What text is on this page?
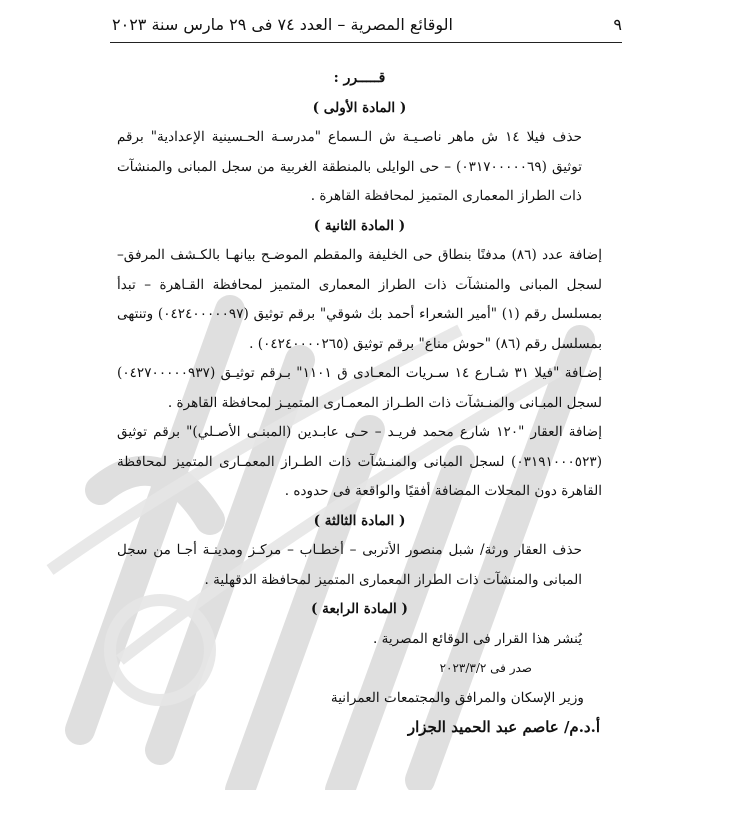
٩
الوقائع المصرية – العدد ٧٤ فى ٢٩ مارس سنة ٢٠٢٣

قـــــرر :

( المادة الأولى )

حذف فيلا ١٤ ش ماهر ناصـيـة ش الـسماع "مدرسـة الحـسينية الإعدادية" برقم توثيق (٠٣١٧٠٠٠٠٠٦٩) – حى الوايلى بالمنطقة الغربية من سجل المبانى والمنشآت ذات الطراز المعمارى المتميز لمحافظة القاهرة .

( المادة الثانية )

إضافة عدد (٨٦) مدفنًا بنطاق حى الخليفة والمقطم الموضـح بيانهـا بالكـشف المرفق– لسجل المبانى والمنشآت ذات الطراز المعمارى المتميز لمحافظة القـاهرة – تبدأ بمسلسل رقم (١) "أمير الشعراء أحمد بك شوقي" برقم توثيق (٠٤٢٤٠٠٠٠٠٩٧) وتنتهى بمسلسل رقم (٨٦) "حوش مناع" برقم توثيق (٠٤٢٤٠٠٠٠٢٦٥) .

إضـافة "فيلا ٣١ شـارع ١٤ سـريات المعـادى ق ١١٠١" بـرقم توثيـق (٠٤٢٧٠٠٠٠٠٩٣٧) لسجل المبـانى والمنـشآت ذات الطـراز المعمـارى المتميـز لمحافظة القاهرة .

إضافة العقار "١٢٠ شارع محمد فريـد – حـى عابـدين (المبنـى الأصـلي)" برقم توثيق (٠٣١٩١٠٠٠٥٢٣) لسجل المبانى والمنـشآت ذات الطـراز المعمـارى المتميز لمحافظة القاهرة دون المحلات المضافة أفقيًا والواقعة فى حدوده .

( المادة الثالثة )

حذف العقار ورثة/ شبل منصور الأتربى – أخطـاب – مركـز ومدينـة أجـا من سجل المبانى والمنشآت ذات الطراز المعمارى المتميز لمحافظة الدقهلية .

( المادة الرابعة )

يُنشر هذا القرار فى الوقائع المصرية .

صدر فى ٢٠٢٣/٣/٢

وزير الإسكان والمرافق والمجتمعات العمرانية

أ.د.م/ عاصم عبد الحميد الجزار
